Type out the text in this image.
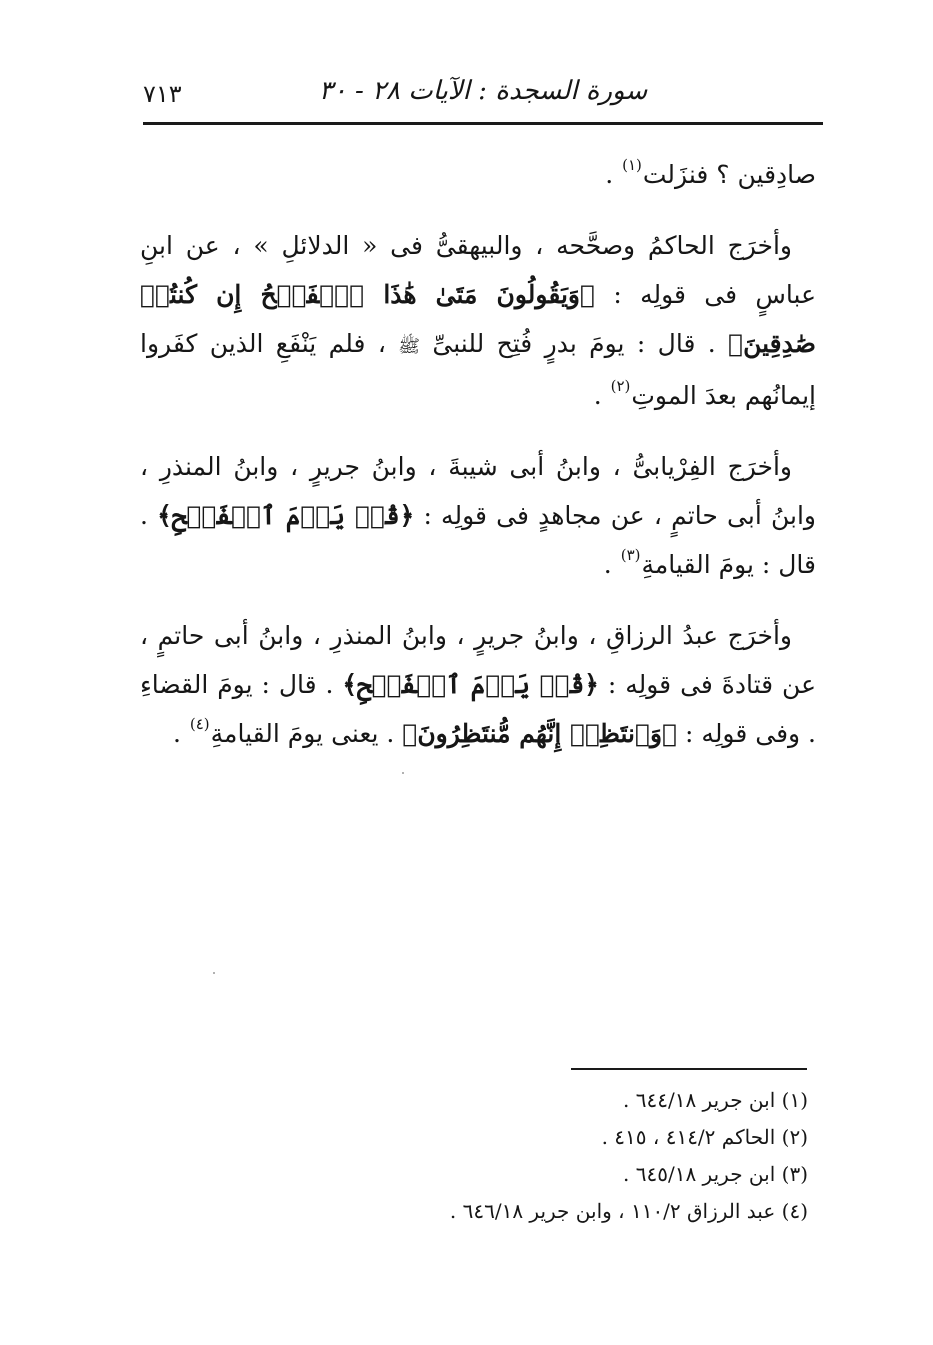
٧١٣	سورة السجدة : الآيات ٢٨ - ٣٠

صادِقين ؟ فنزَلت$^{(١)}$ .

وأخرَج الحاكمُ وصحَّحه ، والبيهقىُّ فى « الدلائلِ » ، عن ابنِ عباسٍ فى قولِه : ﴿وَيَقُولُونَ مَتَىٰ هَٰذَا ٱلۡفَتۡحُ إِن كُنتُمۡ صَٰدِقِينَ﴾ . قال : يومَ بدرٍ فُتِح للنبىِّ ﷺ ، فلم يَنْفَعِ الذين كفَروا إيمانُهم بعدَ الموتِ$^{(٢)}$ .

وأخرَج الفِرْيابىُّ ، وابنُ أبى شيبةَ ، وابنُ جريرٍ ، وابنُ المنذرِ ، وابنُ أبى حاتمٍ ، عن مجاهدٍ فى قولِه : ﴿قُلۡ يَوۡمَ ٱلۡفَتۡحِ﴾ . قال : يومَ القيامةِ$^{(٣)}$ .

وأخرَج عبدُ الرزاقِ ، وابنُ جريرٍ ، وابنُ المنذرِ ، وابنُ أبى حاتمٍ ، عن قتادةَ فى قولِه : ﴿قُلۡ يَوۡمَ ٱلۡفَتۡحِ﴾ . قال : يومَ القضاءِ . وفى قولِه : ﴿وَٱنتَظِرۡ إِنَّهُم مُّنتَظِرُونَ﴾ . يعنى يومَ القيامةِ$^{(٤)}$ .

(١) ابن جرير ٦٤٤/١٨ .

(٢) الحاكم ٤١٤/٢ ، ٤١٥ .

(٣) ابن جرير ٦٤٥/١٨ .

(٤) عبد الرزاق ١١٠/٢ ، وابن جرير ٦٤٦/١٨ .
